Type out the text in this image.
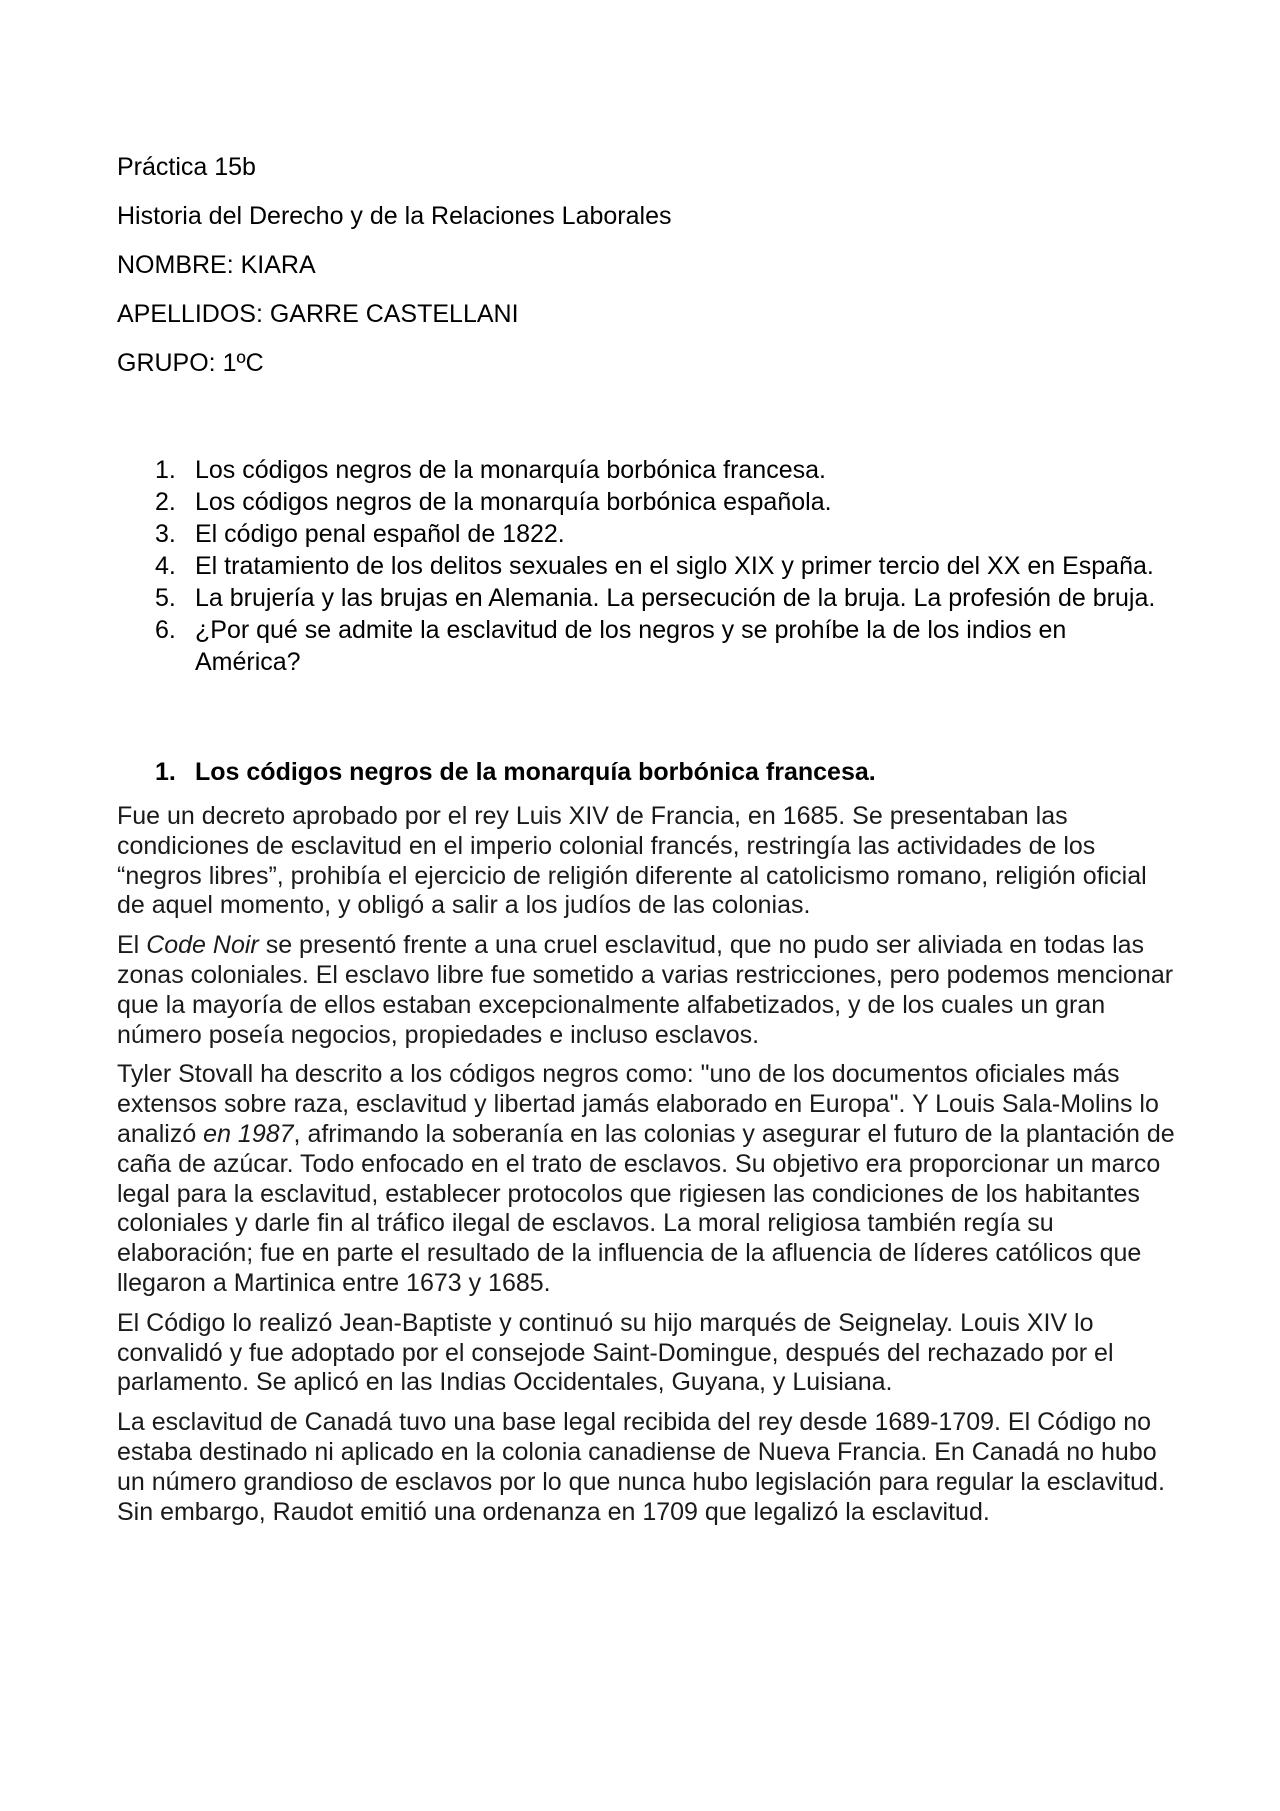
Práctica 15b
Historia del Derecho y de la Relaciones Laborales
NOMBRE: KIARA
APELLIDOS: GARRE CASTELLANI
GRUPO: 1ºC
1. Los códigos negros de la monarquía borbónica francesa.
2. Los códigos negros de la monarquía borbónica española.
3. El código penal español de 1822.
4. El tratamiento de los delitos sexuales en el siglo XIX y primer tercio del XX en España.
5. La brujería y las brujas en Alemania. La persecución de la bruja. La profesión de bruja.
6. ¿Por qué se admite la esclavitud de los negros y se prohíbe la de los indios en América?
1. Los códigos negros de la monarquía borbónica francesa.

Fue un decreto aprobado por el rey Luis XIV de Francia, en 1685. Se presentaban las condiciones de esclavitud en el imperio colonial francés, restringía las actividades de los “negros libres”, prohibía el ejercicio de religión diferente al catolicismo romano, religión oficial de aquel momento, y obligó a salir a los judíos de las colonias.

El Code Noir se presentó frente a una cruel esclavitud, que no pudo ser aliviada en todas las zonas coloniales. El esclavo libre fue sometido a varias restricciones, pero podemos mencionar que la mayoría de ellos estaban excepcionalmente alfabetizados, y de los cuales un gran número poseía negocios, propiedades e incluso esclavos.

Tyler Stovall ha descrito a los códigos negros como: "uno de los documentos oficiales más extensos sobre raza, esclavitud y libertad jamás elaborado en Europa". Y Louis Sala-Molins lo analizó en 1987, afrimando la soberanía en las colonias y asegurar el futuro de la plantación de caña de azúcar. Todo enfocado en el trato de esclavos. Su objetivo era proporcionar un marco legal para la esclavitud, establecer protocolos que rigiesen las condiciones de los habitantes coloniales y darle fin al tráfico ilegal de esclavos. La moral religiosa también regía su elaboración; fue en parte el resultado de la influencia de la afluencia de líderes católicos que llegaron a Martinica entre 1673 y 1685.

El Código lo realizó Jean-Baptiste y continuó su hijo marqués de Seignelay. Louis XIV lo convalidó y fue adoptado por el consejode Saint-Domingue, después del rechazado por el parlamento. Se aplicó en las Indias Occidentales, Guyana, y Luisiana.

La esclavitud de Canadá tuvo una base legal recibida del rey desde 1689-1709. El Código no estaba destinado ni aplicado en la colonia canadiense de Nueva Francia. En Canadá no hubo un número grandioso de esclavos por lo que nunca hubo legislación para regular la esclavitud. Sin embargo, Raudot emitió una ordenanza en 1709 que legalizó la esclavitud.
